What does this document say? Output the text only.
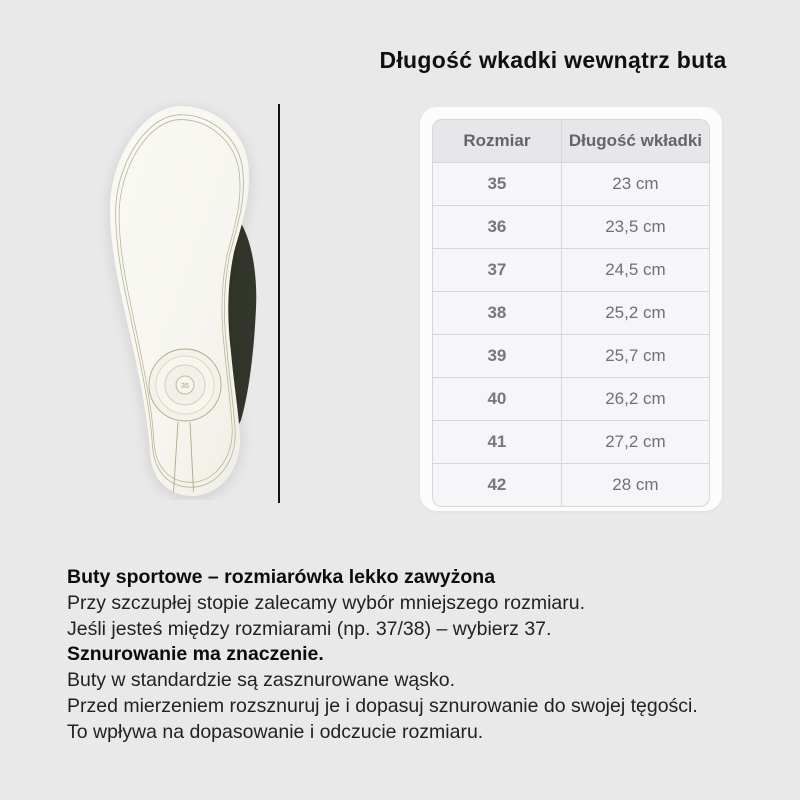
Długość wkadki wewnątrz buta
35
Rozmiar	Długość wkładki
35	23 cm
36	23,5 cm
37	24,5 cm
38	25,2 cm
39	25,7 cm
40	26,2 cm
41	27,2 cm
42	28 cm

Buty sportowe – rozmiarówka lekko zawyżona

Przy szczupłej stopie zalecamy wybór mniejszego rozmiaru.

Jeśli jesteś między rozmiarami (np. 37/38) – wybierz 37.

Sznurowanie ma znaczenie.

Buty w standardzie są zasznurowane wąsko.

Przed mierzeniem rozsznuruj je i dopasuj sznurowanie do swojej tęgości.

To wpływa na dopasowanie i odczucie rozmiaru.
